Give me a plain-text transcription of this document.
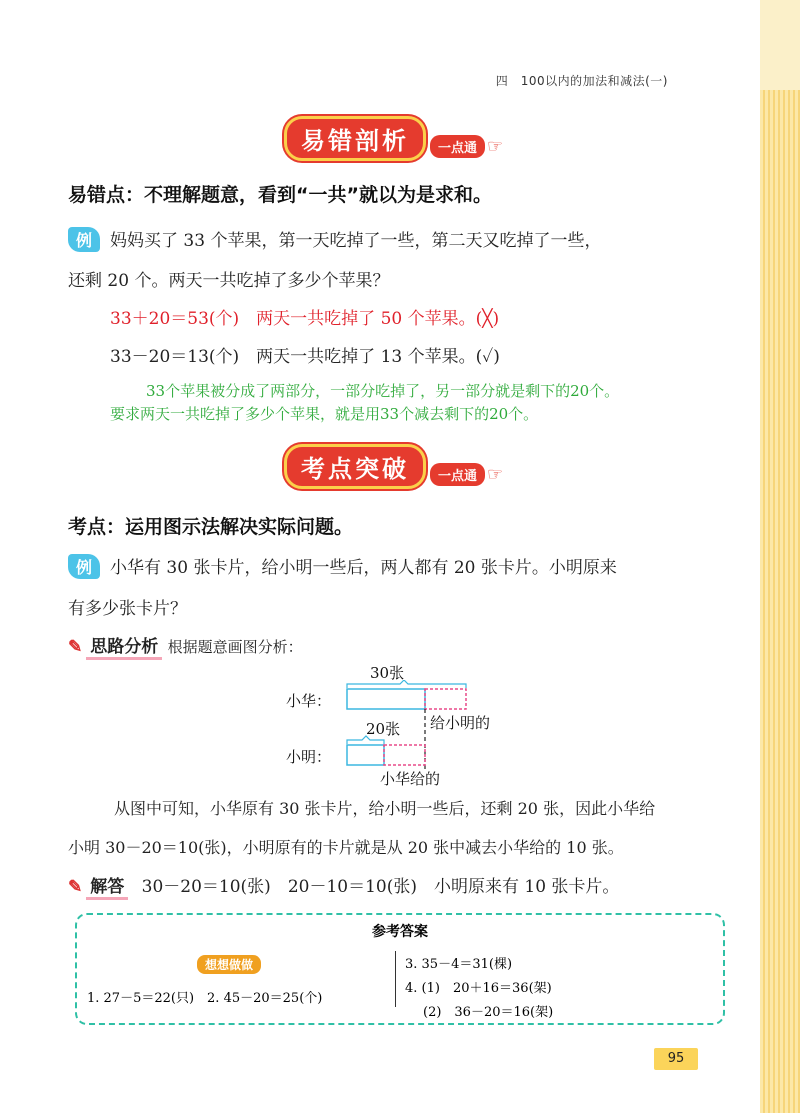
四　100以内的加法和减法(一)
易错剖析	一点通 ☞
易错点：不理解题意，看到“一共”就以为是求和。
例 妈妈买了 33 个苹果，第一天吃掉了一些，第二天又吃掉了一些，
还剩 20 个。两天一共吃掉了多少个苹果？
33＋20＝53(个)　两天一共吃掉了 50 个苹果。(╳)
33－20＝13(个)　两天一共吃掉了 13 个苹果。(✓)
33个苹果被分成了两部分，一部分吃掉了，另一部分就是剩下的20个。
要求两天一共吃掉了多少个苹果，就是用33个减去剩下的20个。
考点突破	一点通 ☞
考点：运用图示法解决实际问题。
例 小华有 30 张卡片，给小明一些后，两人都有 20 张卡片。小明原来
有多少张卡片？
✎ 思路分析 根据题意画图分析：
30张
小华：
给小明的
20张
小明：
小华给的
从图中可知，小华原有 30 张卡片，给小明一些后，还剩 20 张，因此小华给
小明 30－20＝10(张)，小明原有的卡片就是从 20 张中减去小华给的 10 张。
✎ 解答 30－20＝10(张)　20－10＝10(张)　小明原来有 10 张卡片。
参考答案
想想做做
1. 27－5＝22(只)　2. 45－20＝25(个)
3. 35－4＝31(棵)
4. (1)　20＋16＝36(架)
(2)　36－20＝16(架)
95
